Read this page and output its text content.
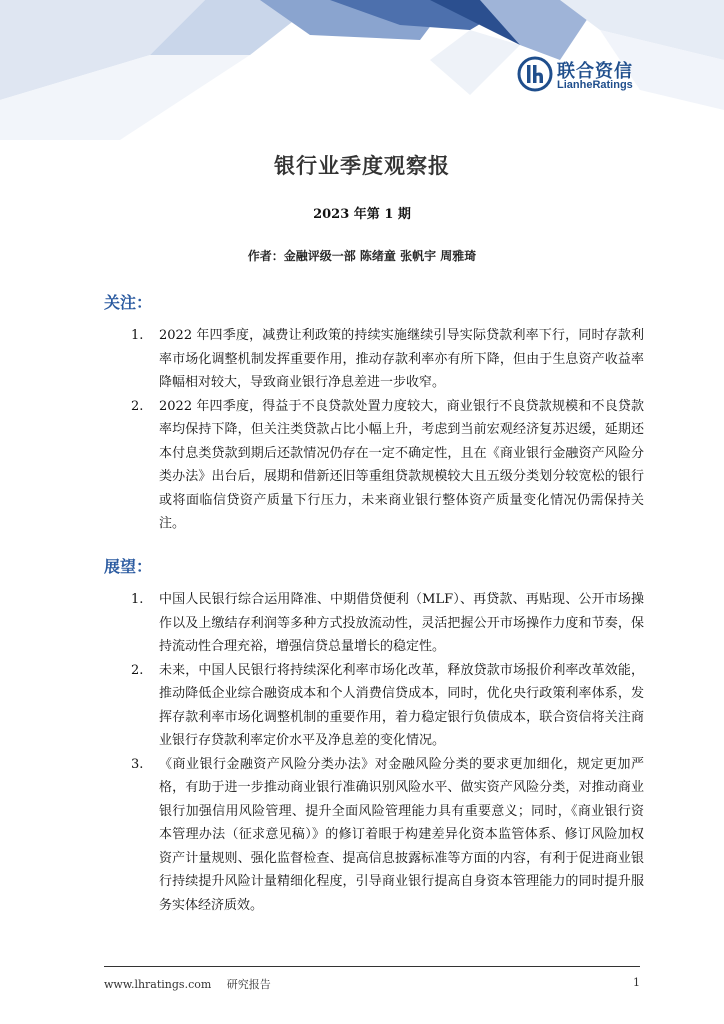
联合资信
LianheRatings
银行业季度观察报
2023 年第 1 期
作者：金融评级一部 陈绪童 张帆宇 周雅琦
关注：
1. 2022 年四季度，减费让利政策的持续实施继续引导实际贷款利率下行，同时存款利率市场化调整机制发挥重要作用，推动存款利率亦有所下降，但由于生息资产收益率降幅相对较大，导致商业银行净息差进一步收窄。
2. 2022 年四季度，得益于不良贷款处置力度较大，商业银行不良贷款规模和不良贷款率均保持下降，但关注类贷款占比小幅上升，考虑到当前宏观经济复苏迟缓，延期还本付息类贷款到期后还款情况仍存在一定不确定性，且在《商业银行金融资产风险分类办法》出台后，展期和借新还旧等重组贷款规模较大且五级分类划分较宽松的银行或将面临信贷资产质量下行压力，未来商业银行整体资产质量变化情况仍需保持关注。
展望：
1. 中国人民银行综合运用降准、中期借贷便利（MLF）、再贷款、再贴现、公开市场操作以及上缴结存利润等多种方式投放流动性，灵活把握公开市场操作力度和节奏，保持流动性合理充裕，增强信贷总量增长的稳定性。
2. 未来，中国人民银行将持续深化利率市场化改革，释放贷款市场报价利率改革效能，推动降低企业综合融资成本和个人消费信贷成本，同时，优化央行政策利率体系，发挥存款利率市场化调整机制的重要作用，着力稳定银行负债成本，联合资信将关注商业银行存贷款利率定价水平及净息差的变化情况。
3. 《商业银行金融资产风险分类办法》对金融风险分类的要求更加细化，规定更加严格，有助于进一步推动商业银行准确识别风险水平、做实资产风险分类，对推动商业银行加强信用风险管理、提升全面风险管理能力具有重要意义；同时，《商业银行资本管理办法（征求意见稿）》的修订着眼于构建差异化资本监管体系、修订风险加权资产计量规则、强化监督检查、提高信息披露标准等方面的内容，有利于促进商业银行持续提升风险计量精细化程度，引导商业银行提高自身资本管理能力的同时提升服务实体经济质效。
www.lhratings.com 研究报告	1
